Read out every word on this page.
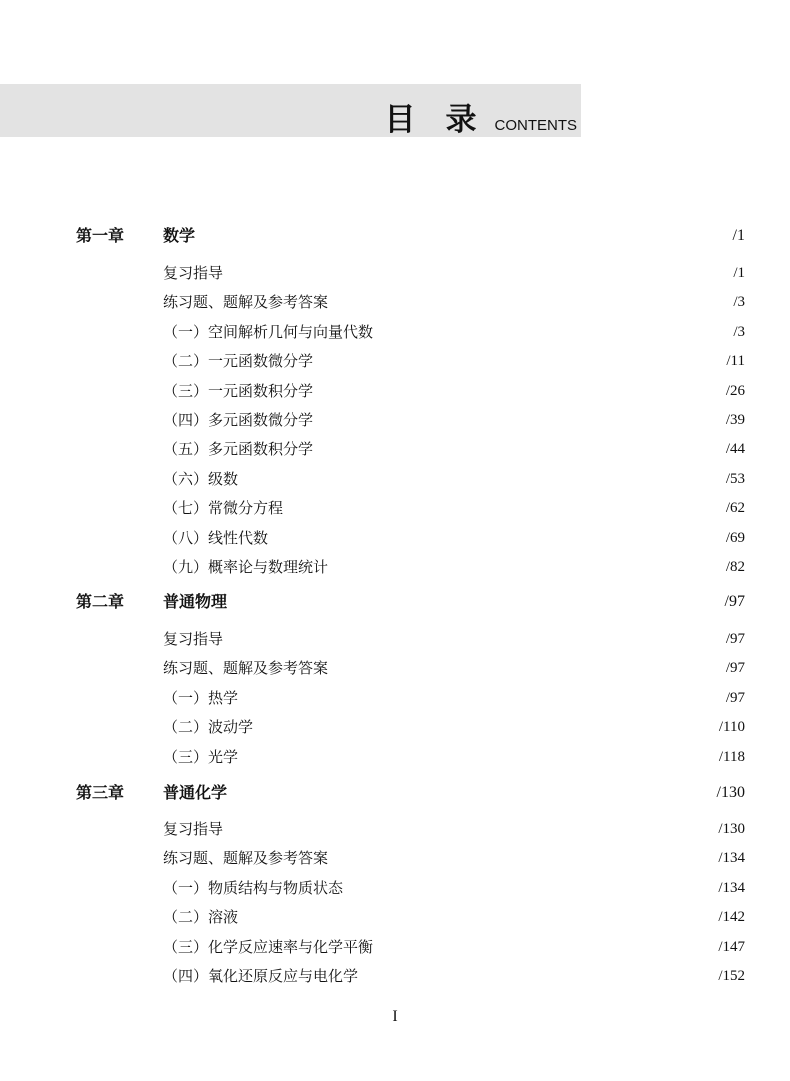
目录
CONTENTS
第一章 数学	/1
复习指导	/1
练习题、题解及参考答案	/3
（一）空间解析几何与向量代数	/3
（二）一元函数微分学	/11
（三）一元函数积分学	/26
（四）多元函数微分学	/39
（五）多元函数积分学	/44
（六）级数	/53
（七）常微分方程	/62
（八）线性代数	/69
（九）概率论与数理统计	/82
第二章 普通物理	/97
复习指导	/97
练习题、题解及参考答案	/97
（一）热学	/97
（二）波动学	/110
（三）光学	/118
第三章 普通化学	/130
复习指导	/130
练习题、题解及参考答案	/134
（一）物质结构与物质状态	/134
（二）溶液	/142
（三）化学反应速率与化学平衡	/147
（四）氧化还原反应与电化学	/152
I
